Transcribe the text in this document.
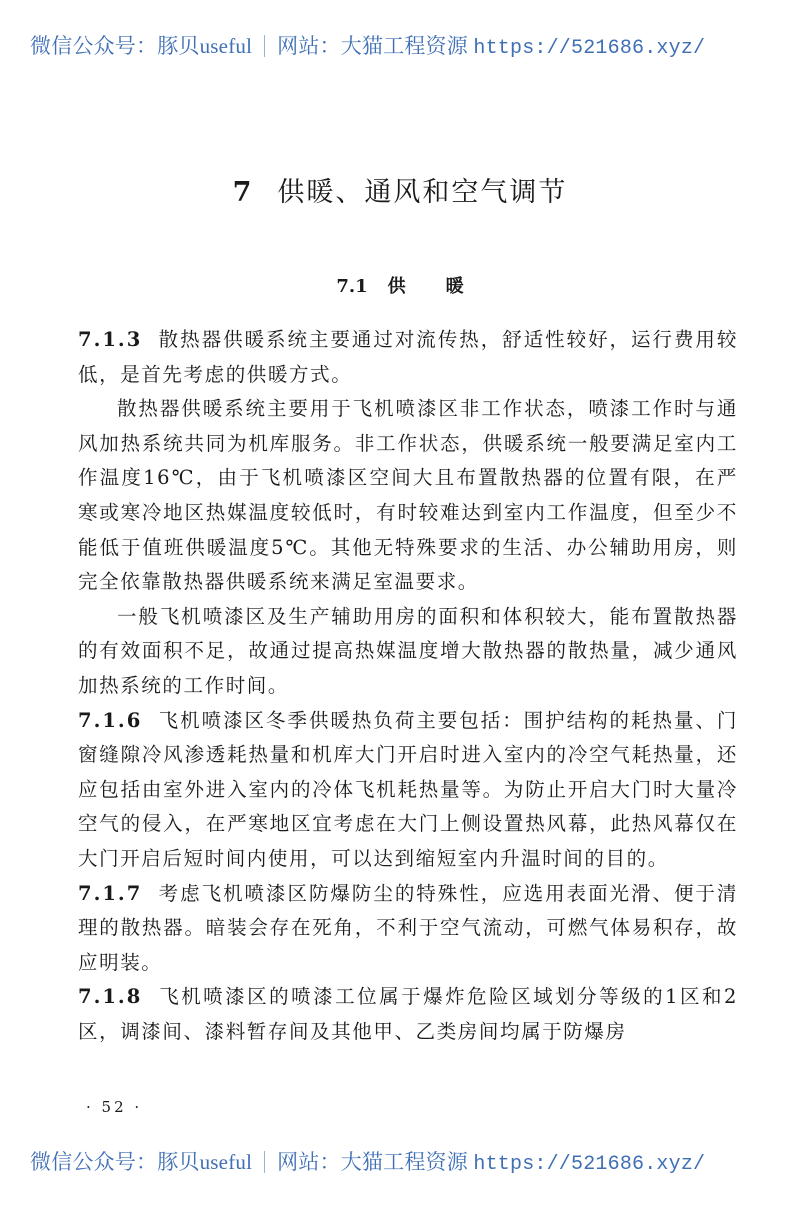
微信公众号：豚贝useful 网站：大猫工程资源 https://521686.xyz/
7 供暖、通风和空气调节
7.1 供 暖

7.1.3 散热器供暖系统主要通过对流传热，舒适性较好，运行费用较低，是首先考虑的供暖方式。

散热器供暖系统主要用于飞机喷漆区非工作状态，喷漆工作时与通风加热系统共同为机库服务。非工作状态，供暖系统一般要满足室内工作温度16℃，由于飞机喷漆区空间大且布置散热器的位置有限，在严寒或寒冷地区热媒温度较低时，有时较难达到室内工作温度，但至少不能低于值班供暖温度5℃。其他无特殊要求的生活、办公辅助用房，则完全依靠散热器供暖系统来满足室温要求。

一般飞机喷漆区及生产辅助用房的面积和体积较大，能布置散热器的有效面积不足，故通过提高热媒温度增大散热器的散热量，减少通风加热系统的工作时间。

7.1.6 飞机喷漆区冬季供暖热负荷主要包括：围护结构的耗热量、门窗缝隙冷风渗透耗热量和机库大门开启时进入室内的冷空气耗热量，还应包括由室外进入室内的冷体飞机耗热量等。为防止开启大门时大量冷空气的侵入，在严寒地区宜考虑在大门上侧设置热风幕，此热风幕仅在大门开启后短时间内使用，可以达到缩短室内升温时间的目的。

7.1.7 考虑飞机喷漆区防爆防尘的特殊性，应选用表面光滑、便于清理的散热器。暗装会存在死角，不利于空气流动，可燃气体易积存，故应明装。

7.1.8 飞机喷漆区的喷漆工位属于爆炸危险区域划分等级的1区和2区，调漆间、漆料暂存间及其他甲、乙类房间均属于防爆房

· 52 ·
微信公众号：豚贝useful 网站：大猫工程资源 https://521686.xyz/
